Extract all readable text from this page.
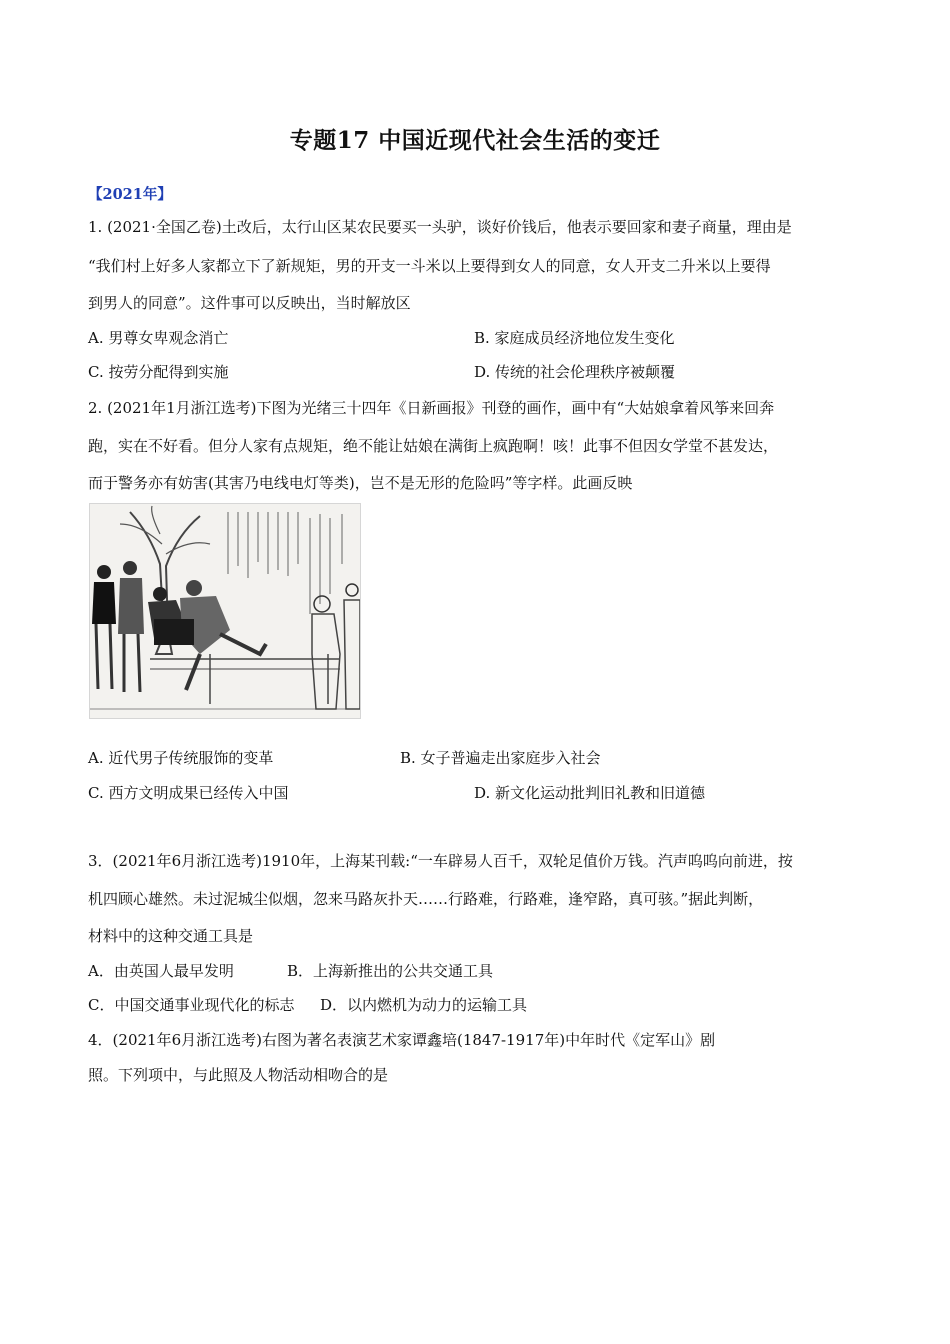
专题17 中国近现代社会生活的变迁
【2021年】
1. (2021·全国乙卷)土改后，太行山区某农民要买一头驴，谈好价钱后，他表示要回家和妻子商量，理由是
“我们村上好多人家都立下了新规矩，男的开支一斗米以上要得到女人的同意，女人开支二升米以上要得
到男人的同意”。这件事可以反映出，当时解放区
A. 男尊女卑观念消亡	B. 家庭成员经济地位发生变化
C. 按劳分配得到实施	D. 传统的社会伦理秩序被颠覆
2. (2021年1月浙江选考)下图为光绪三十四年《日新画报》刊登的画作，画中有“大姑娘拿着风筝来回奔
跑，实在不好看。但分人家有点规矩，绝不能让姑娘在满街上疯跑啊！咳！此事不但因女学堂不甚发达，
而于警务亦有妨害(其害乃电线电灯等类)，岂不是无形的危险吗”等字样。此画反映
A. 近代男子传统服饰的变革	B. 女子普遍走出家庭步入社会
C. 西方文明成果已经传入中国	D. 新文化运动批判旧礼教和旧道德
3．(2021年6月浙江选考)1910年，上海某刊载:“一车辟易人百千，双轮足值价万钱。汽声呜呜向前进，按
机四顾心雄然。未过泥城尘似烟，忽来马路灰扑天……行路难，行路难，逢窄路，真可骇。”据此判断，
材料中的这种交通工具是
A．由英国人最早发明	B．上海新推出的公共交通工具
C．中国交通事业现代化的标志 D．以内燃机为动力的运输工具
4．(2021年6月浙江选考)右图为著名表演艺术家谭鑫培(1847-1917年)中年时代《定军山》剧
照。下列项中，与此照及人物活动相吻合的是
